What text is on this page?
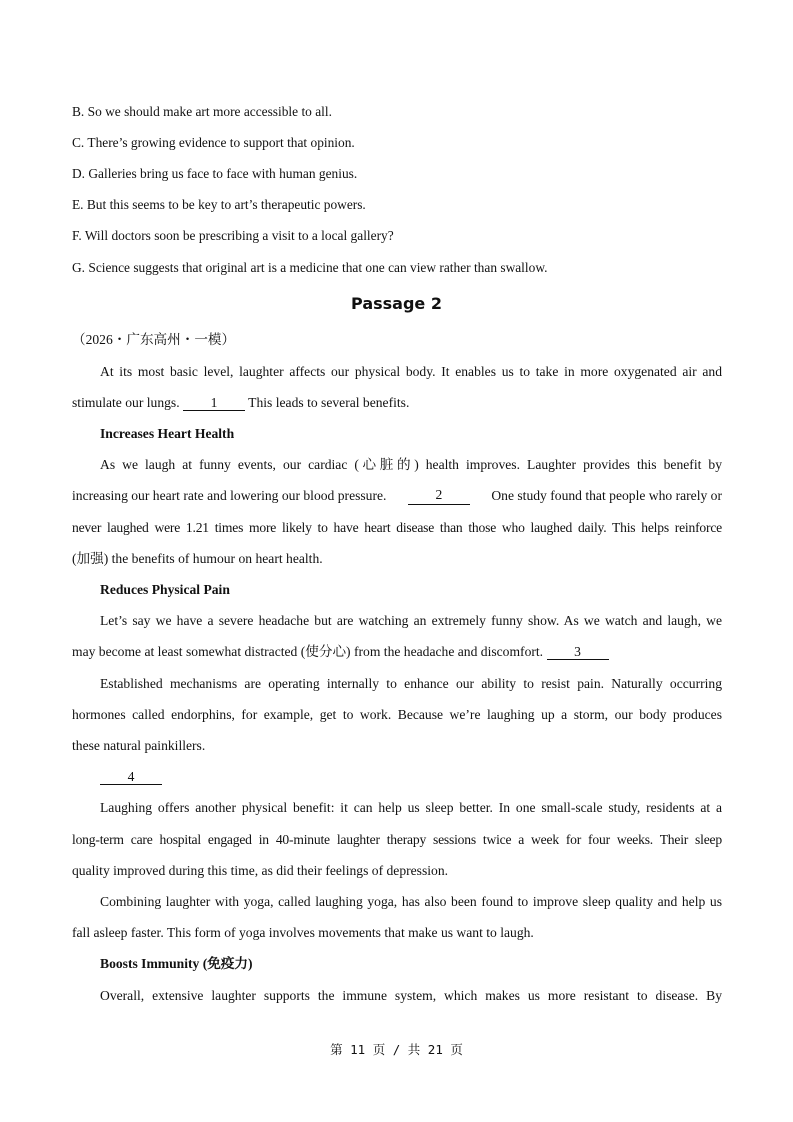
B. So we should make art more accessible to all.
C. There’s growing evidence to support that opinion.
D. Galleries bring us face to face with human genius.
E. But this seems to be key to art’s therapeutic powers.
F. Will doctors soon be prescribing a visit to a local gallery?
G. Science suggests that original art is a medicine that one can view rather than swallow.
Passage 2
（2026・广东高州・一模）
At its most basic level, laughter affects our physical body. It enables us to take in more oxygenated air and
stimulate our lungs. 1 This leads to several benefits.
Increases Heart Health
As we laugh at funny events, our cardiac (心脏的) health improves. Laughter provides this benefit by
increasing our heart rate and lowering our blood pressure.	2	One study found that people who rarely or
never laughed were 1.21 times more likely to have heart disease than those who laughed daily. This helps reinforce
(加强) the benefits of humour on heart health.
Reduces Physical Pain
Let’s say we have a severe headache but are watching an extremely funny show. As we watch and laugh, we
may become at least somewhat distracted (使分心) from the headache and discomfort. 3
Established mechanisms are operating internally to enhance our ability to resist pain. Naturally occurring
hormones called endorphins, for example, get to work. Because we’re laughing up a storm, our body produces
these natural painkillers.
4
Laughing offers another physical benefit: it can help us sleep better. In one small-scale study, residents at a
long-term care hospital engaged in 40-minute laughter therapy sessions twice a week for four weeks. Their sleep
quality improved during this time, as did their feelings of depression.
Combining laughter with yoga, called laughing yoga, has also been found to improve sleep quality and help us
fall asleep faster. This form of yoga involves movements that make us want to laugh.
Boosts Immunity (免疫力)
Overall, extensive laughter supports the immune system, which makes us more resistant to disease. By
第 11 页 / 共 21 页
